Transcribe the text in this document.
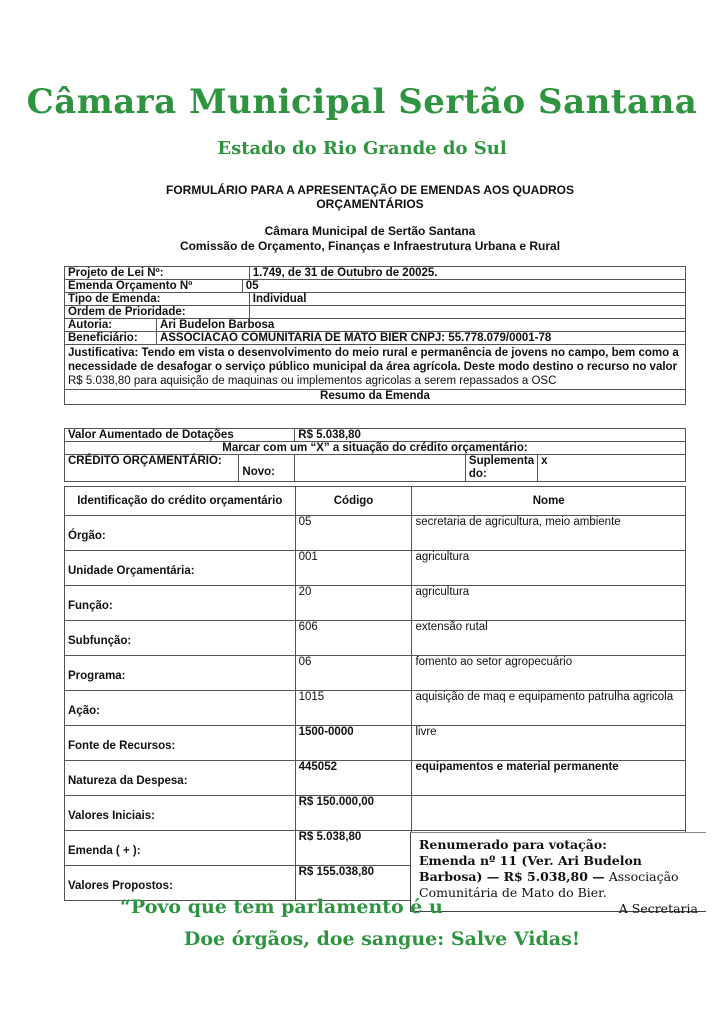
Câmara Municipal Sertão Santana
Estado do Rio Grande do Sul
FORMULÁRIO PARA A APRESENTAÇÃO DE EMENDAS AOS QUADROS
ORÇAMENTÁRIOS
Câmara Municipal de Sertão Santana
Comissão de Orçamento, Finanças e Infraestrutura Urbana e Rural
Projeto de Lei Nº:			1.749, de 31 de Outubro de 20025.
Emenda Orçamento Nº		05	
Tipo de Emenda:			Individual
Ordem de Prioridade:			
Autoria:	Ari Budelon Barbosa		
Beneficiário:	ASSOCIACAO COMUNITARIA DE MATO BIER CNPJ: 55.778.079/0001-78		
Justificativa: Tendo em vista o desenvolvimento do meio rural e permanência de jovens no campo, bem como a necessidade de desafogar o serviço público municipal da área agrícola. Deste modo destino o recurso no valor R$ 5.038,80 para aquisição de maquinas ou implementos agricolas a serem repassados a OSC			
Resumo da Emenda			
Valor Aumentado de Dotações		R$ 5.038,80		
Marcar com um “X” a situação do crédito orçamentário:				
CRÉDITO ORÇAMENTÁRIO:	Novo:		Suplementa do:	x
Identificação do crédito orçamentário	Código	Nome
Órgão:	05	secretaria de agricultura, meio ambiente
Unidade Orçamentária:	001	agricultura
Função:	20	agricultura
Subfunção:	606	extensão rutal
Programa:	06	fomento ao setor agropecuário
Ação:	1015	aquisição de maq e equipamento patrulha agricola
Fonte de Recursos:	1500-0000	livre
Natureza da Despesa:	445052	equipamentos e material permanente
Valores Iniciais:	R$ 150.000,00	
Emenda ( + ):	R$ 5.038,80	
Valores Propostos:	R$ 155.038,80	
Renumerado para votação:
Emenda nº 11 (Ver. Ari Budelon Barbosa) — R$ 5.038,80 — Associação Comunitária de Mato do Bier.
A Secretaria
“Povo que tem parlamento é u
Doe órgãos, doe sangue: Salve Vidas!
